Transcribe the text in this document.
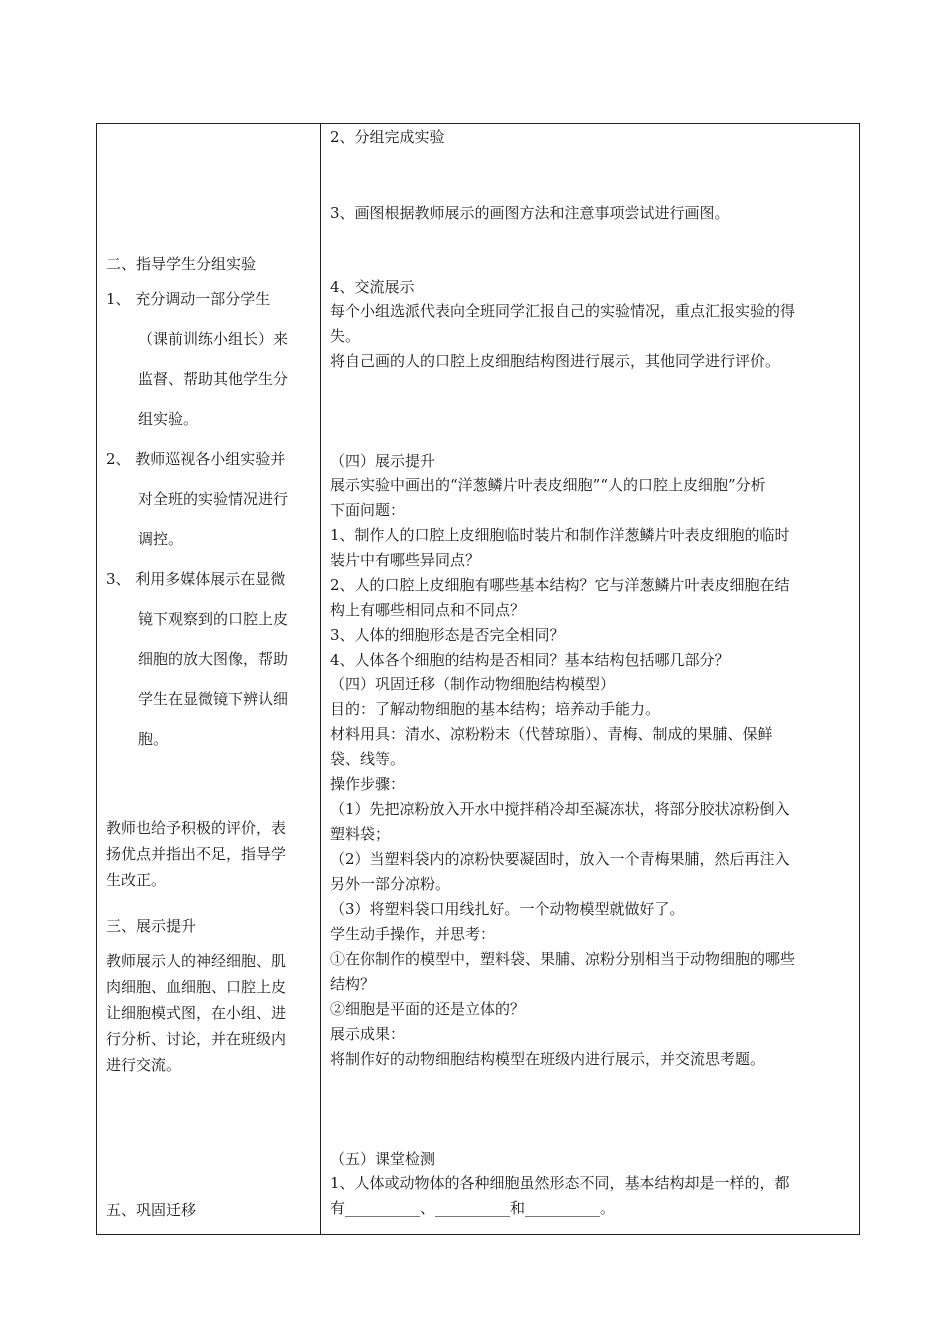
二、指导学生分组实验
1、 充分调动一部分学生
（课前训练小组长）来
监督、帮助其他学生分
组实验。
2、 教师巡视各小组实验并
对全班的实验情况进行
调控。
3、 利用多媒体展示在显微
镜下观察到的口腔上皮
细胞的放大图像，帮助
学生在显微镜下辨认细
胞。
教师也给予积极的评价，表
扬优点并指出不足，指导学
生改正。
三、展示提升
教师展示人的神经细胞、肌
肉细胞、血细胞、口腔上皮
让细胞模式图，在小组、进
行分析、讨论，并在班级内
进行交流。
五、巩固迁移
2、分组完成实验
3、画图根据教师展示的画图方法和注意事项尝试进行画图。
4、交流展示
每个小组选派代表向全班同学汇报自己的实验情况，重点汇报实验的得
失。
将自己画的人的口腔上皮细胞结构图进行展示，其他同学进行评价。
（四）展示提升
展示实验中画出的“洋葱鳞片叶表皮细胞”“人的口腔上皮细胞”分析
下面问题：
1、制作人的口腔上皮细胞临时装片和制作洋葱鳞片叶表皮细胞的临时
装片中有哪些异同点？
2、人的口腔上皮细胞有哪些基本结构？它与洋葱鳞片叶表皮细胞在结
构上有哪些相同点和不同点？
3、人体的细胞形态是否完全相同？
4、人体各个细胞的结构是否相同？基本结构包括哪几部分？
（四）巩固迁移（制作动物细胞结构模型）
目的：了解动物细胞的基本结构；培养动手能力。
材料用具：清水、凉粉粉末（代替琼脂）、青梅、制成的果脯、保鲜
袋、线等。
操作步骤：
（1）先把凉粉放入开水中搅拌稍冷却至凝冻状，将部分胶状凉粉倒入
塑料袋；
（2）当塑料袋内的凉粉快要凝固时，放入一个青梅果脯，然后再注入
另外一部分凉粉。
（3）将塑料袋口用线扎好。一个动物模型就做好了。
学生动手操作，并思考：
①在你制作的模型中，塑料袋、果脯、凉粉分别相当于动物细胞的哪些
结构？
②细胞是平面的还是立体的？
展示成果：
将制作好的动物细胞结构模型在班级内进行展示，并交流思考题。
（五）课堂检测
1、人体或动物体的各种细胞虽然形态不同，基本结构却是一样的，都
有__________、__________和__________。
